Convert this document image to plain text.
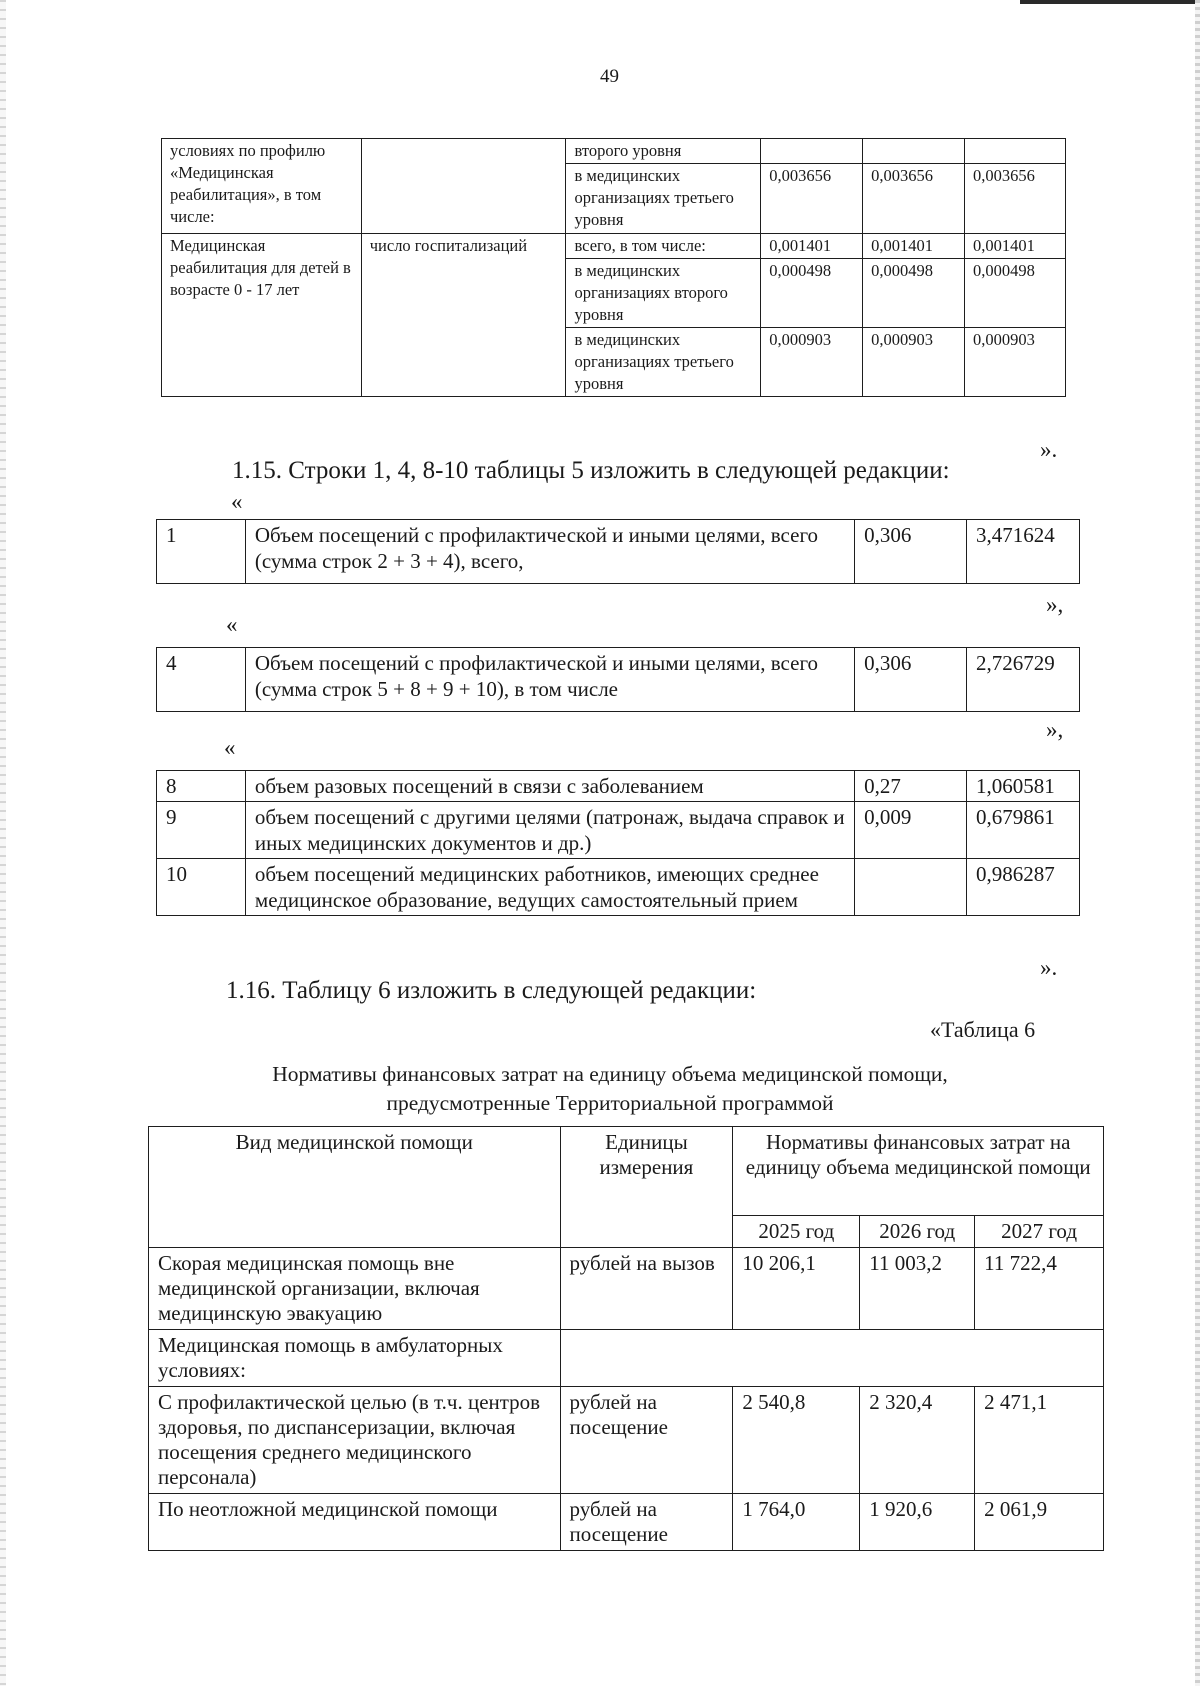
49
условиях по профилю «Медицинская реабилитация», в том числе:		второго уровня			
		в медицинских организациях третьего уровня	0,003656	0,003656	0,003656
Медицинская реабилитация для детей в возрасте 0 - 17 лет	число госпитализаций	всего, в том числе:	0,001401	0,001401	0,001401
		в медицинских организациях второго уровня	0,000498	0,000498	0,000498
		в медицинских организациях третьего уровня	0,000903	0,000903	0,000903
».
1.15. Строки 1, 4, 8-10 таблицы 5 изложить в следующей редакции:
«
1	Объем посещений с профилактической и иными целями, всего (сумма строк 2 + 3 + 4), всего,	0,306	3,471624
»,
«
4	Объем посещений с профилактической и иными целями, всего (сумма строк 5 + 8 + 9 + 10), в том числе	0,306	2,726729
»,
«
8	объем разовых посещений в связи с заболеванием	0,27	1,060581
9	объем посещений с другими целями (патронаж, выдача справок и иных медицинских документов и др.)	0,009	0,679861
10	объем посещений медицинских работников, имеющих среднее медицинское образование, ведущих самостоятельный прием		0,986287
».
1.16. Таблицу 6 изложить в следующей редакции:
«Таблица 6
Нормативы финансовых затрат на единицу объема медицинской помощи, предусмотренные Территориальной программой
Вид медицинской помощи	Единицы измерения	Нормативы финансовых затрат на единицу объема медицинской помощи		
		2025 год	2026 год	2027 год
Скорая медицинская помощь вне медицинской организации, включая медицинскую эвакуацию	рублей на вызов	10 206,1	11 003,2	11 722,4
Медицинская помощь в амбулаторных условиях:				
С профилактической целью (в т.ч. центров здоровья, по диспансеризации, включая посещения среднего медицинского персонала)	рублей на посещение	2 540,8	2 320,4	2 471,1
По неотложной медицинской помощи	рублей на посещение	1 764,0	1 920,6	2 061,9
